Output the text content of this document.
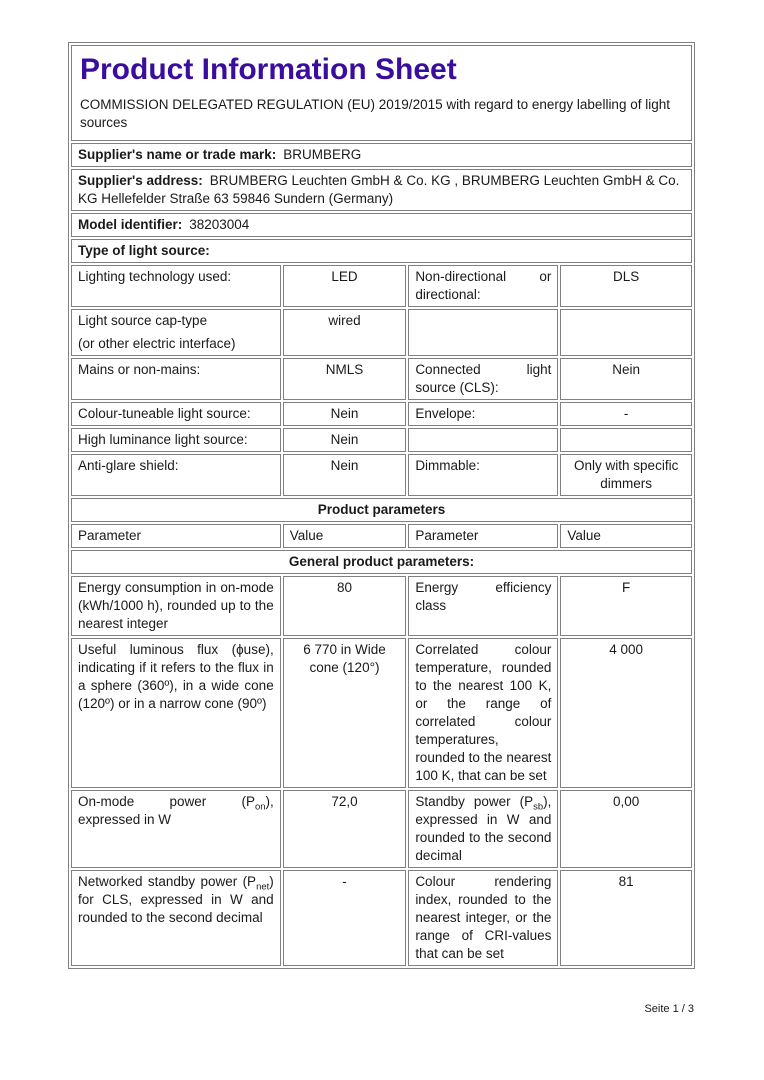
Product Information Sheet

COMMISSION DELEGATED REGULATION (EU) 2019/2015 with regard to energy labelling of light sources

Supplier's name or trade mark: BRUMBERG			
Supplier's address: BRUMBERG Leuchten GmbH & Co. KG , BRUMBERG Leuchten GmbH & Co. KG Hellefelder Straße 63 59846 Sundern (Germany)			
Model identifier: 38203004			
Type of light source:			

Lighting technology used:	LED	Non-directional or directional:	DLS

Light source cap-type
(or other electric interface)	wired		

Mains or non-mains:	NMLS	Connected light source (CLS):	Nein

Colour-tuneable light source:	Nein	Envelope:	-

High luminance light source:	Nein		

Anti-glare shield:	Nein	Dimmable:	Only with specific dimmers

Product parameters			
Parameter	Value	Parameter	Value
General product parameters:			

Energy consumption in on-mode (kWh/1000 h), rounded up to the nearest integer	80	Energy efficiency class	F

Useful luminous flux (ϕuse), indicating if it refers to the flux in a sphere (360º), in a wide cone (120º) or in a narrow cone (90º)	6 770 in Wide cone (120°)	Correlated colour temperature, rounded to the nearest 100 K, or the range of correlated colour temperatures, rounded to the nearest 100 K, that can be set	4 000

On-mode power $(P_{on})$, expressed in W	72,0	Standby power $(P_{sb})$, expressed in W and rounded to the second decimal	0,00

Networked standby power $(P_{net})$ for CLS, expressed in W and rounded to the second decimal	-	Colour rendering index, rounded to the nearest integer, or the range of CRI-values that can be set	81
Seite 1 / 3
